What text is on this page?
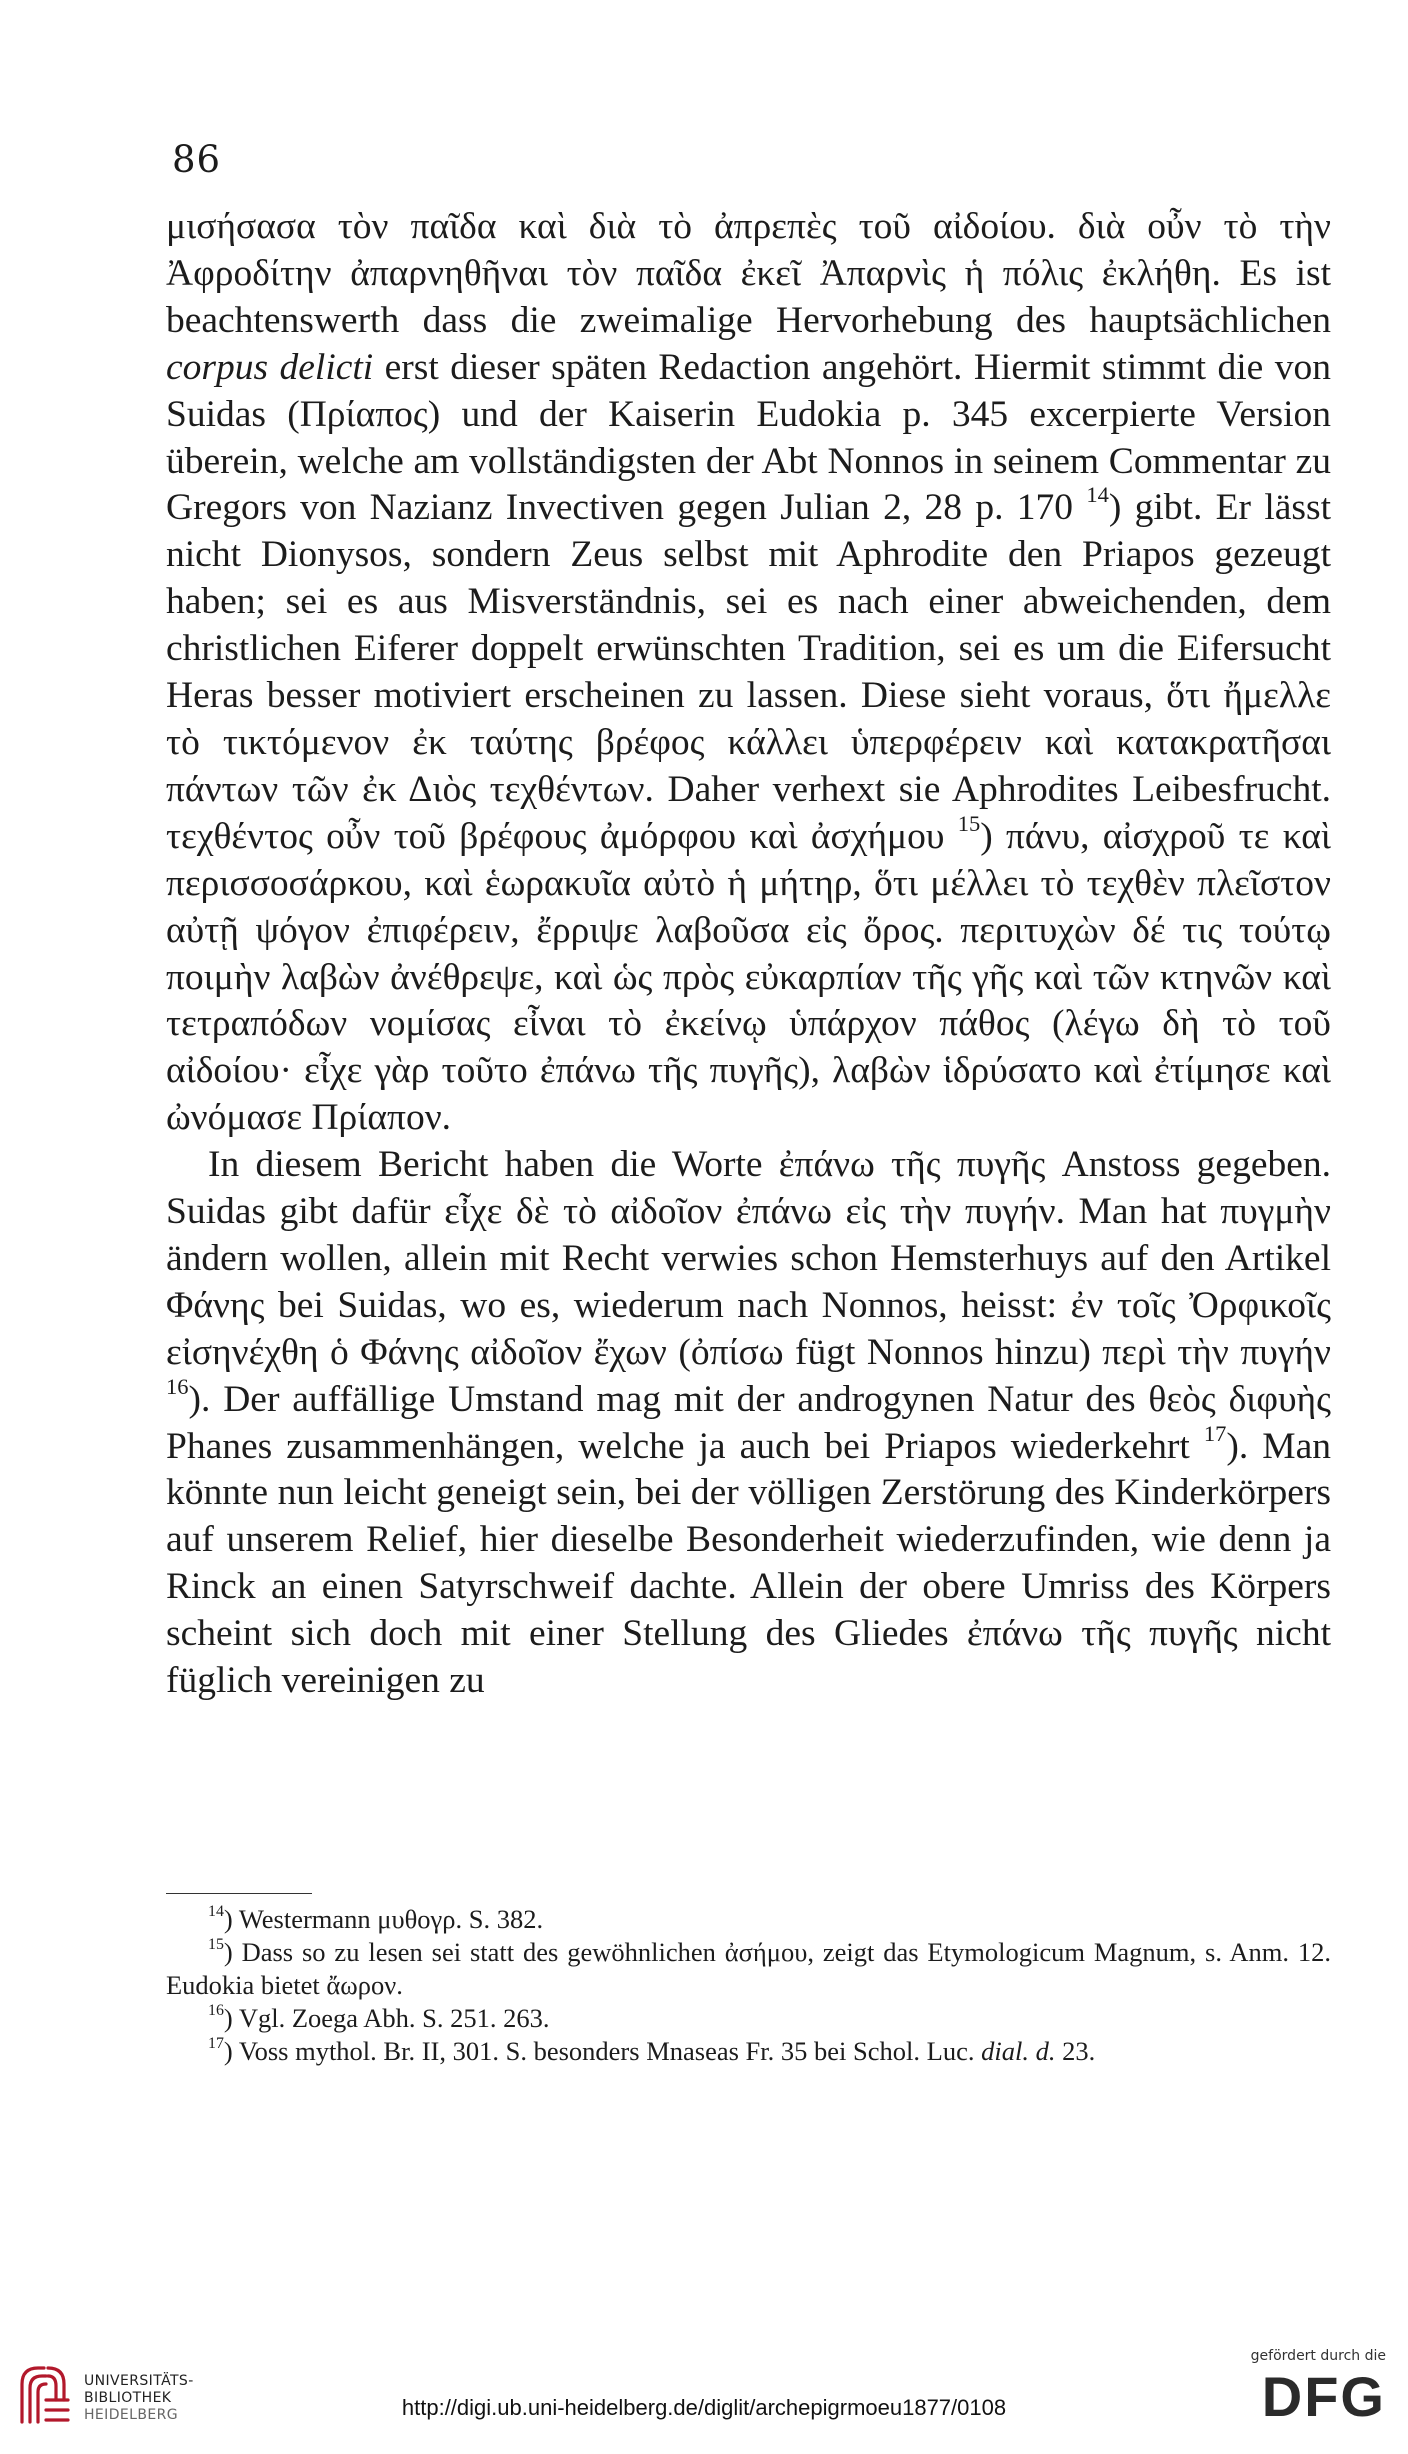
86

μισήσασα τὸν παῖδα καὶ διὰ τὸ ἀπρεπὲς τοῦ αἰδοίου. διὰ οὖν τὸ τὴν Ἀφροδίτην ἀπαρνηθῆναι τὸν παῖδα ἐκεῖ Ἀπαρνὶς ἡ πόλις ἐκλήθη. Es ist beachtenswerth dass die zweimalige Hervorhebung des hauptsächlichen corpus delicti erst dieser späten Redaction angehört. Hiermit stimmt die von Suidas (Πρίαπος) und der Kaiserin Eudokia p. 345 excerpierte Version überein, welche am vollständigsten der Abt Nonnos in seinem Commentar zu Gregors von Nazianz Invectiven gegen Julian 2, 28 p. 170 $^{14}$) gibt. Er lässt nicht Dionysos, sondern Zeus selbst mit Aphrodite den Priapos gezeugt haben; sei es aus Misverständnis, sei es nach einer abweichenden, dem christlichen Eiferer doppelt erwünschten Tradition, sei es um die Eifersucht Heras besser motiviert erscheinen zu lassen. Diese sieht voraus, ὅτι ἤμελλε τὸ τικτόμενον ἐκ ταύτης βρέφος κάλλει ὑπερφέρειν καὶ κατακρατῆσαι πάντων τῶν ἐκ Διὸς τεχθέντων. Daher verhext sie Aphrodites Leibesfrucht. τεχθέντος οὖν τοῦ βρέφους ἀμόρφου καὶ ἀσχήμου $^{15}$) πάνυ, αἰσχροῦ τε καὶ περισσοσάρκου, καὶ ἑωρακυῖα αὐτὸ ἡ μήτηρ, ὅτι μέλλει τὸ τεχθὲν πλεῖστον αὐτῇ ψόγον ἐπιφέρειν, ἔρριψε λαβοῦσα εἰς ὄρος. περιτυχὼν δέ τις τούτῳ ποιμὴν λαβὼν ἀνέθρεψε, καὶ ὡς πρὸς εὐκαρπίαν τῆς γῆς καὶ τῶν κτηνῶν καὶ τετραπόδων νομίσας εἶναι τὸ ἐκείνῳ ὑπάρχον πάθος (λέγω δὴ τὸ τοῦ αἰδοίου· εἶχε γὰρ τοῦτο ἐπάνω τῆς πυγῆς), λαβὼν ἱδρύσατο καὶ ἐτίμησε καὶ ὠνόμασε Πρίαπον.

In diesem Bericht haben die Worte ἐπάνω τῆς πυγῆς Anstoss gegeben. Suidas gibt dafür εἶχε δὲ τὸ αἰδοῖον ἐπάνω εἰς τὴν πυγήν. Man hat πυγμὴν ändern wollen, allein mit Recht verwies schon Hemsterhuys auf den Artikel Φάνης bei Suidas, wo es, wiederum nach Nonnos, heisst: ἐν τοῖς Ὀρφικοῖς εἰσηνέχθη ὁ Φάνης αἰδοῖον ἔχων (ὀπίσω fügt Nonnos hinzu) περὶ τὴν πυγήν $^{16}$). Der auffällige Umstand mag mit der androgynen Natur des θεὸς διφυὴς Phanes zusammenhängen, welche ja auch bei Priapos wiederkehrt $^{17}$). Man könnte nun leicht geneigt sein, bei der völligen Zerstörung des Kinderkörpers auf unserem Relief, hier dieselbe Besonderheit wiederzufinden, wie denn ja Rinck an einen Satyrschweif dachte. Allein der obere Umriss des Körpers scheint sich doch mit einer Stellung des Gliedes ἐπάνω τῆς πυγῆς nicht füglich vereinigen zu

$^{14}$) Westermann μυθογρ. S. 382.

$^{15}$) Dass so zu lesen sei statt des gewöhnlichen ἀσήμου, zeigt das Etymologicum Magnum, s. Anm. 12. Eudokia bietet ἄωρον.

$^{16}$) Vgl. Zoega Abh. S. 251. 263.

$^{17}$) Voss mythol. Br. II, 301. S. besonders Mnaseas Fr. 35 bei Schol. Luc. dial. d. 23.

UNIVERSITÄTS-
BIBLIOTHEK
HEIDELBERG	http://digi.ub.uni-heidelberg.de/diglit/archepigrmoeu1877/0108
gefördert durch die
DFG
